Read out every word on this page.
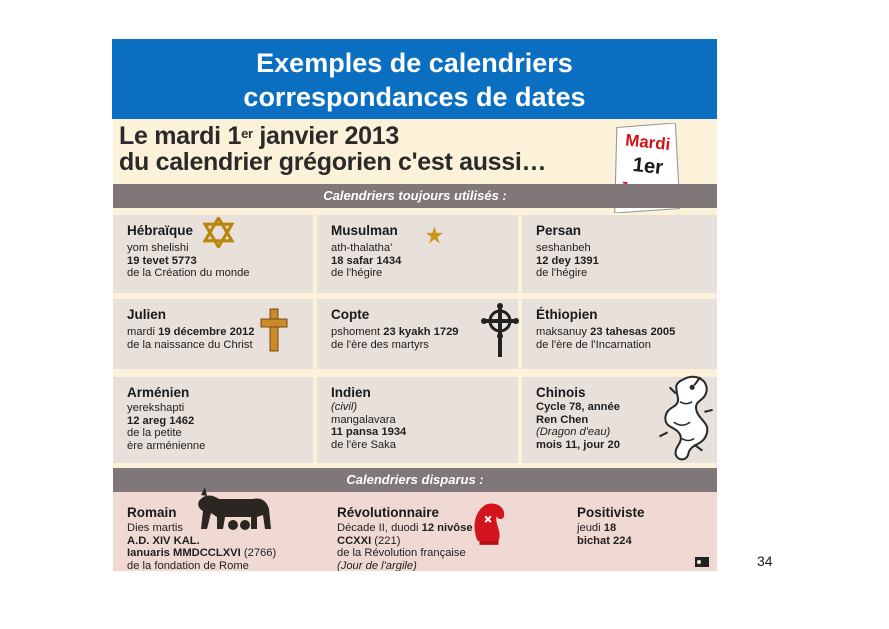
Exemples de calendriers
correspondances de dates
Le mardi 1er janvier 2013
du calendrier grégorien c'est aussi…
Mardi
1er
Calendriers toujours utilisés :
Hébraïque
yom shelishi
19 tevet 5773
de la Création du monde
Musulman
ath-thalatha'
18 safar 1434
de l'hégire
Persan
seshanbeh
12 dey 1391
de l'hégire
Julien
mardi 19 décembre 2012
de la naissance du Christ
Copte
pshoment 23 kyakh 1729
de l'ère des martyrs
Éthiopien
maksanuy 23 tahesas 2005
de l'ère de l'Incarnation
Arménien
yerekshapti
12 areg 1462
de la petite
ère arménienne
Indien
(civil)
mangalavara
11 pansa 1934
de l'ère Saka
Chinois
Cycle 78, année
Ren Chen
(Dragon d'eau)
mois 11, jour 20
Calendriers disparus :
Romain
Dies martis
A.D. XIV KAL.
Ianuaris MMDCCLXVI (2766)
de la fondation de Rome
Révolutionnaire
Décade II, duodi 12 nivôse
CCXXI (221)
de la Révolution française
(Jour de l'argile)
Positiviste
jeudi 18
bichat 224
34
